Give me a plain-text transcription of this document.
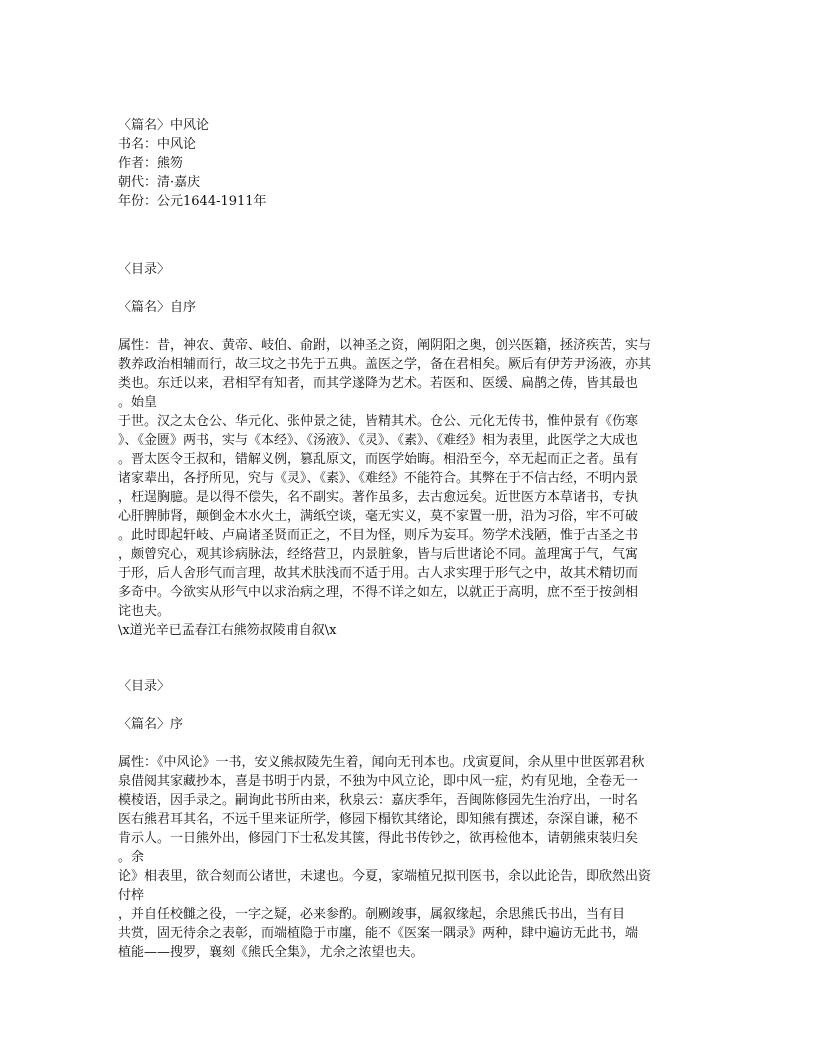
〈篇名〉中风论
书名：中风论
作者：熊笏
朝代：清·嘉庆
年份：公元1644-1911年
〈目录〉
〈篇名〉自序
属性：昔，神农、黄帝、岐伯、俞跗，以神圣之资，阐阴阳之奥，创兴医籍，拯济疾苦，实与
教养政治相辅而行，故三坟之书先于五典。盖医之学，备在君相矣。厥后有伊芳尹汤液，亦其
类也。东迁以来，君相罕有知者，而其学遂降为艺术。若医和、医缓、扁鹊之俦，皆其最也
。始皇
于世。汉之太仓公、华元化、张仲景之徒，皆精其术。仓公、元化无传书，惟仲景有《伤寒
》、《金匮》两书，实与《本经》、《汤液》、《灵》、《素》、《难经》相为表里，此医学之大成也
。晋太医令王叔和，错解义例，篡乱原文，而医学始晦。相沿至今，卒无起而正之者。虽有
诸家辈出，各抒所见，究与《灵》、《素》、《难经》不能符合。其弊在于不信古经，不明内景
，枉逞胸臆。是以得不偿失，名不副实。著作虽多，去古愈远矣。近世医方本草诸书，专执
心肝脾肺肾，颠倒金木水火土，满纸空谈，毫无实义，莫不家置一册，沿为习俗，牢不可破
。此时即起轩岐、卢扁诸圣贤而正之，不目为怪，则斥为妄耳。笏学术浅陋，惟于古圣之书
，颇曾究心，观其诊病脉法，经络营卫，内景脏象，皆与后世诸论不同。盖理寓于气，气寓
于形，后人舍形气而言理，故其术肤浅而不适于用。古人求实理于形气之中，故其术精切而
多奇中。今欲实从形气中以求治病之理，不得不详之如左，以就正于高明，庶不至于按剑相
诧也夫。
\x道光辛已孟春江右熊笏叔陵甫自叙\x
〈目录〉
〈篇名〉序
属性：《中风论》一书，安义熊叔陵先生着，闻向无刊本也。戊寅夏间，余从里中世医郭君秋
泉借阅其家藏抄本，喜是书明于内景，不独为中风立论，即中风一症，灼有见地，全卷无一
模棱语，因手录之。嗣询此书所由来，秋泉云：嘉庆季年，吾闽陈修园先生治疗出，一时名
医右熊君耳其名，不远千里来证所学，修园下榻钦其绪论，即知熊有撰述，奈深自谦，秘不
肯示人。一日熊外出，修园门下士私发其箧，得此书传钞之，欲再检他本，请朝熊束装归矣
。余
论》相表里，欲合刻而公诸世，未逮也。今夏，家端植兄拟刊医书，余以此论告，即欣然出资
付梓
，并自任校雠之役，一字之疑，必来参酌。剞劂竣事，属叙缘起，余思熊氏书出，当有目
共赏，固无待余之表彰，而端植隐于市廛，能不《医案一隅录》两种，肆中遍访无此书，端
植能——搜罗，襄刻《熊氏全集》，尤余之浓望也夫。
